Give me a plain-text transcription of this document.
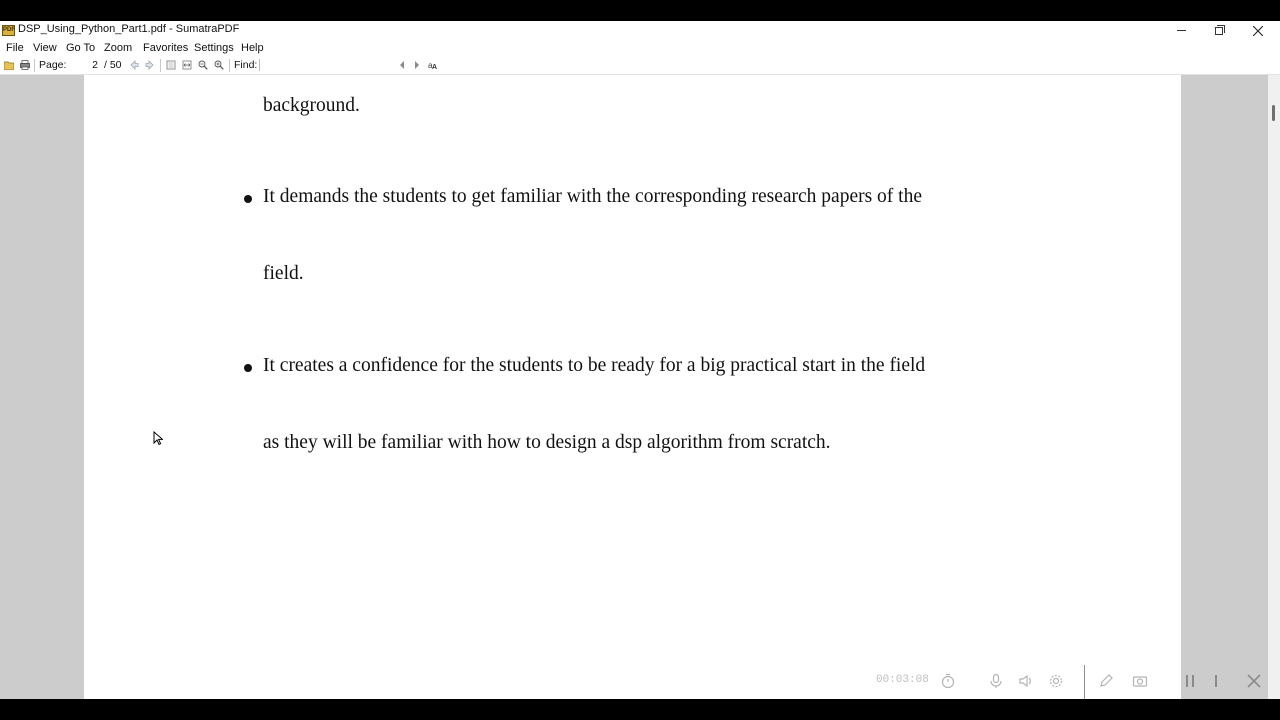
PDF DSP_Using_Python_Part1.pdf - SumatraPDF
File View Go To Zoom Favorites Settings Help
Page:
2	/ 50	Find:	a A
background.
It demands the students to get familiar with the corresponding research papers of the
field.
It creates a confidence for the students to be ready for a big practical start in the field
as they will be familiar with how to design a dsp algorithm from scratch.
00:03:08
